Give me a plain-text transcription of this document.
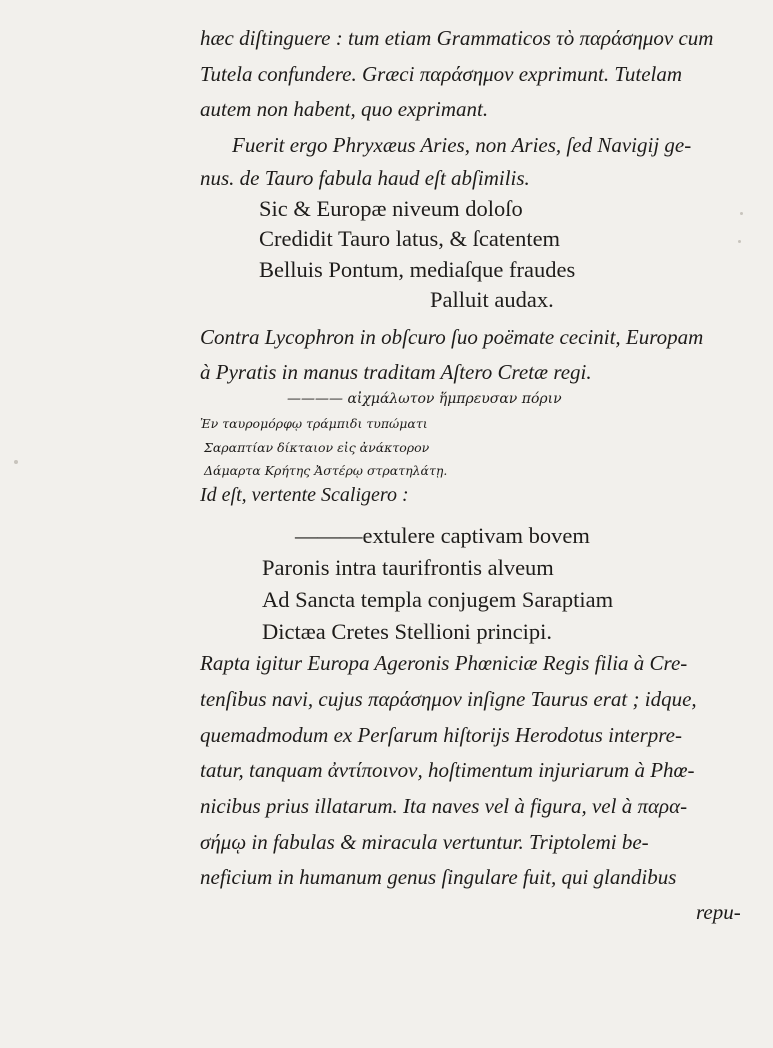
hæc diſtinguere : tum etiam Grammaticos τὸ παράσημον cum
Tutela confundere. Græci παράσημον exprimunt. Tutelam
autem non habent, quo exprimant.
Fuerit ergo Phryxæus Aries, non Aries, ſed Navigij ge-
nus. de Tauro fabula haud eſt abſimilis.
Sic & Europæ niveum doloſo
Credidit Tauro latus, & ſcatentem
Belluis Pontum, mediaſque fraudes
Palluit audax.
Contra Lycophron in obſcuro ſuo poëmate cecinit, Europam
à Pyratis in manus traditam Aſtero Cretæ regi.
———— αἰχμάλωτον ἥμπρευσαν πόριν
Ἐν ταυρομόρφῳ τράμπιδι τυπώματι
Σαραπτίαν δίκταιον εἰς ἀνάκτορον
Δάμαρτα Κρήτης Ἀστέρῳ στρατηλάτῃ.
Id eſt, vertente Scaligero :
———extulere captivam bovem
Paronis intra taurifrontis alveum
Ad Sancta templa conjugem Saraptiam
Dictæa Cretes Stellioni principi.
Rapta igitur Europa Ageronis Phœniciæ Regis filia à Cre-
tenſibus navi, cujus παράσημον inſigne Taurus erat ; idque,
quemadmodum ex Perſarum hiſtorijs Herodotus interpre-
tatur, tanquam ἀντίποινον, hoſtimentum injuriarum à Phœ-
nicibus prius illatarum. Ita naves vel à figura, vel à παρα-
σήμῳ in fabulas & miracula vertuntur. Triptolemi be-
neficium in humanum genus ſingulare fuit, qui glandibus
repu-
